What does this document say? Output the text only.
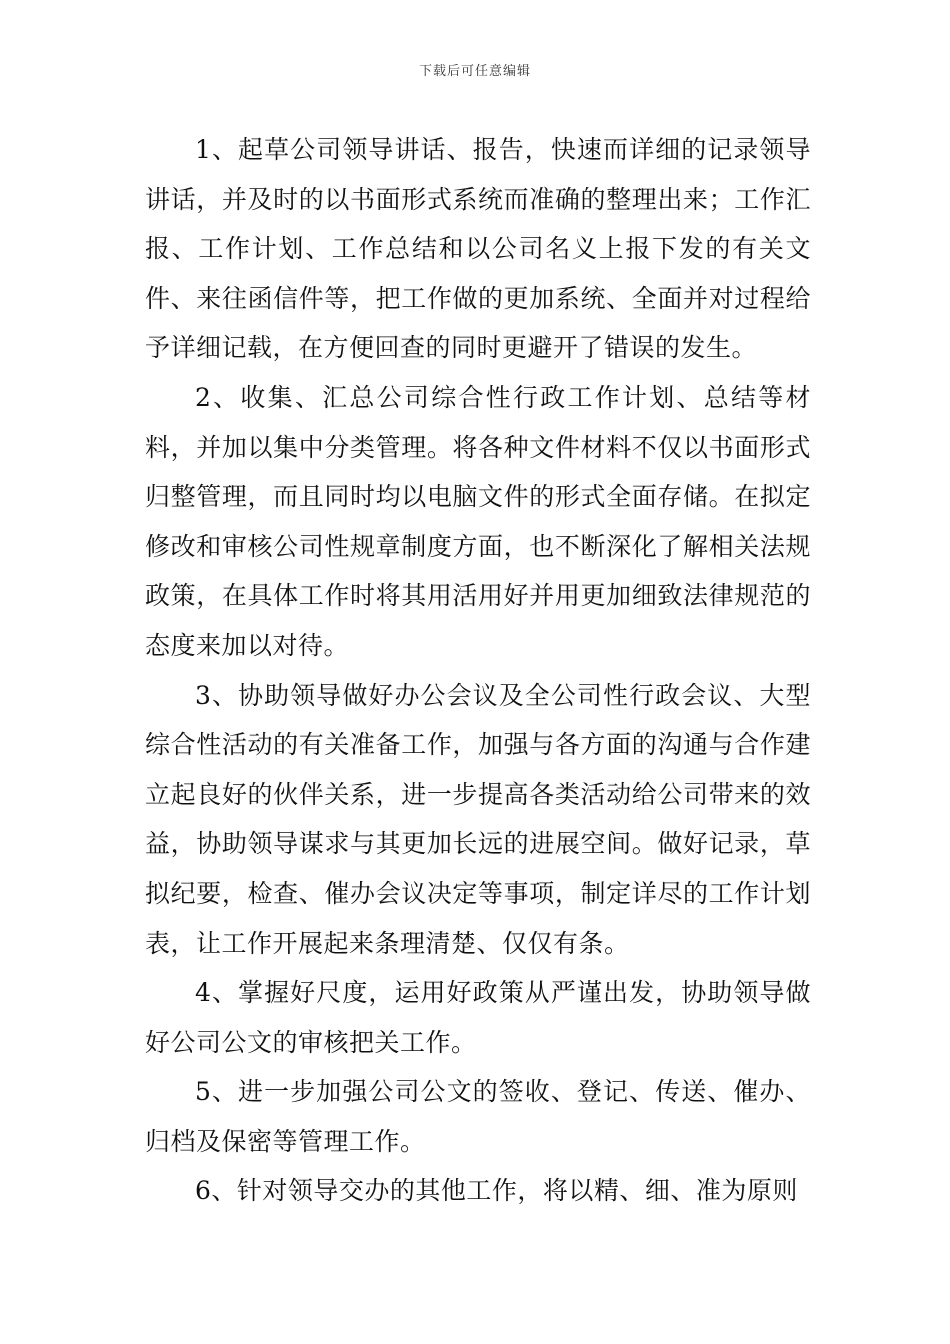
下载后可任意编辑

1、起草公司领导讲话、报告，快速而详细的记录领导讲话，并及时的以书面形式系统而准确的整理出来；工作汇报、工作计划、工作总结和以公司名义上报下发的有关文件、来往函信件等，把工作做的更加系统、全面并对过程给予详细记载，在方便回查的同时更避开了错误的发生。

2、收集、汇总公司综合性行政工作计划、总结等材料，并加以集中分类管理。将各种文件材料不仅以书面形式归整管理，而且同时均以电脑文件的形式全面存储。在拟定修改和审核公司性规章制度方面，也不断深化了解相关法规政策，在具体工作时将其用活用好并用更加细致法律规范的态度来加以对待。

3、协助领导做好办公会议及全公司性行政会议、大型综合性活动的有关准备工作，加强与各方面的沟通与合作建立起良好的伙伴关系，进一步提高各类活动给公司带来的效益，协助领导谋求与其更加长远的进展空间。做好记录，草拟纪要，检查、催办会议决定等事项，制定详尽的工作计划表，让工作开展起来条理清楚、仅仅有条。

4、掌握好尺度，运用好政策从严谨出发，协助领导做好公司公文的审核把关工作。

5、进一步加强公司公文的签收、登记、传送、催办、归档及保密等管理工作。

6、针对领导交办的其他工作，将以精、细、准为原则
